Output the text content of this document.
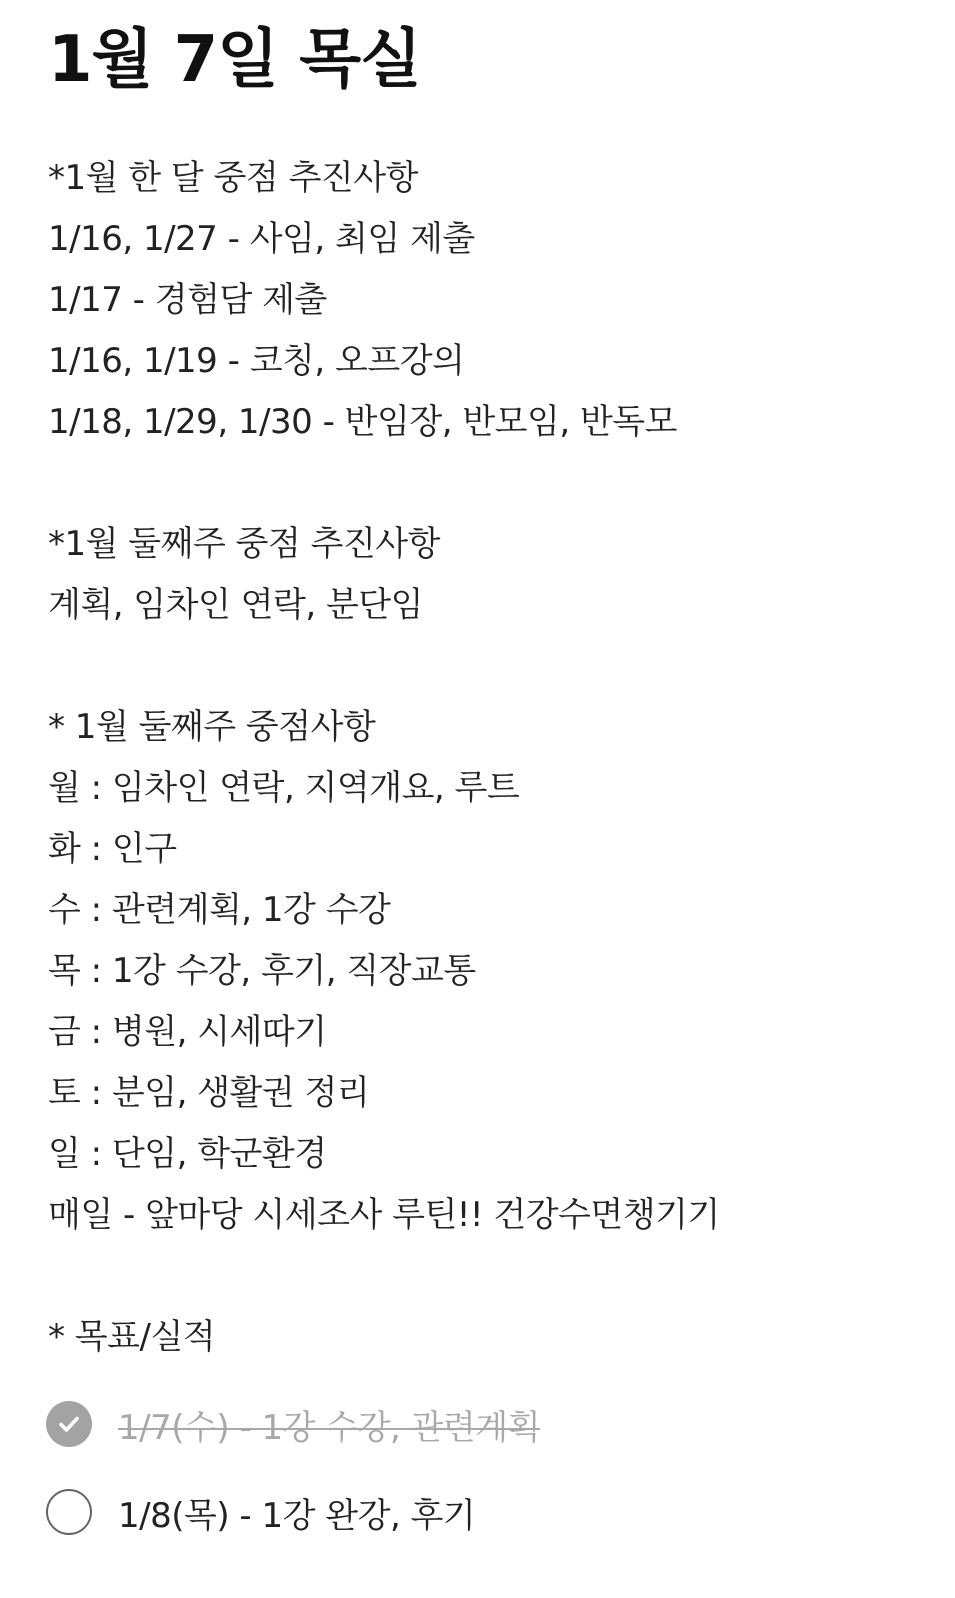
1월 7일 목실
*1월 한 달 중점 추진사항
1/16, 1/27 - 사임, 최임 제출
1/17 - 경험담 제출
1/16, 1/19 - 코칭, 오프강의
1/18, 1/29, 1/30 - 반임장, 반모임, 반독모
*1월 둘째주 중점 추진사항
계획, 임차인 연락, 분단임
* 1월 둘째주 중점사항
월 : 임차인 연락, 지역개요, 루트
화 : 인구
수 : 관련계획, 1강 수강
목 : 1강 수강, 후기, 직장교통
금 : 병원, 시세따기
토 : 분임, 생활권 정리
일 : 단임, 학군환경
매일 - 앞마당 시세조사 루틴!! 건강수면챙기기
* 목표/실적
1/7(수) - 1강 수강, 관련계획
1/8(목) - 1강 완강, 후기
